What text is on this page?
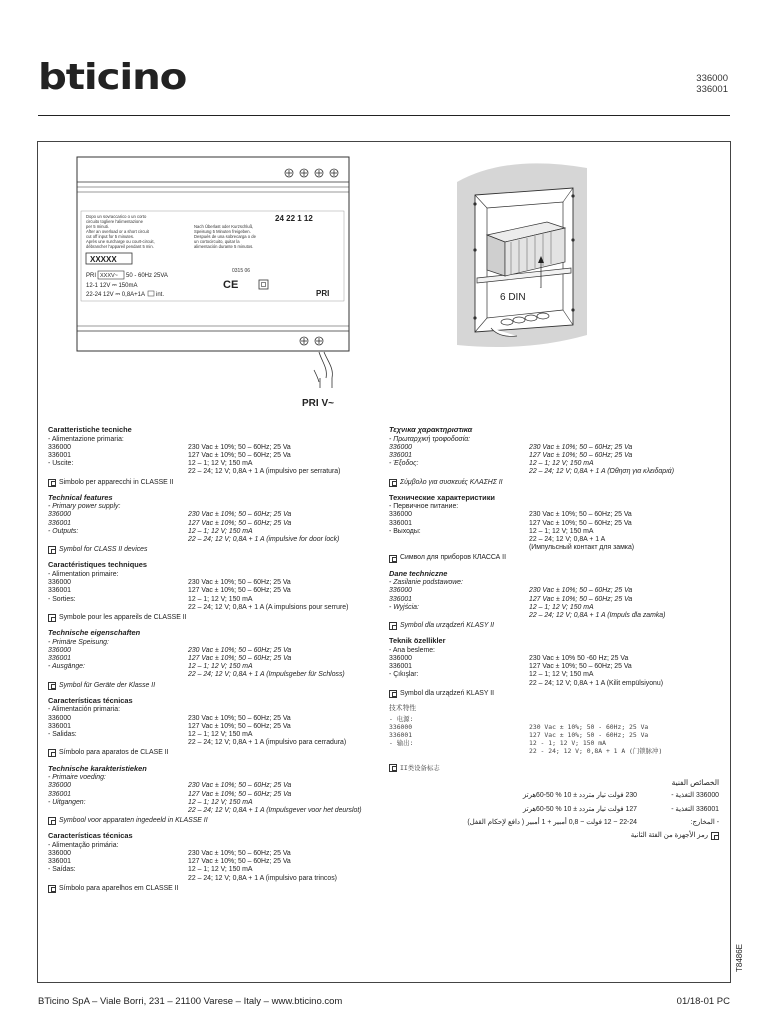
bticino	336000
336001
Dopo un sovraccarico o un corto
circuito togliere l'alimentazione
per 5 minuti.
After an overload or a short circuit
cut off input for 5 minutes.
Après une surcharge ou court-circuit,
débrancher l'appareil pendant 5 min.
Nach Überlast oder Kurzschluß,
Speisung 5 Minuten freigeben.
Después de una sobrecarga o de
un cortocircuito, quitar la
alimentación durante 5 minutos.
24 22 1 12
XXXXX
PRI XXXV~ 50 - 60Hz 25VA
12-1 12V ⎓ 150mA
22-24 12V ⎓ 0,8A+1A int.
0315 06
CE
PRI
PRI V~
6 DIN
Caratteristiche tecniche
- Alimentazione primaria:
336000	230 Vac ± 10%; 50 – 60Hz; 25 Va
336001	127 Vac ± 10%; 50 – 60Hz; 25 Va
- Uscite:	12 – 1; 12 V; 150 mA
22 – 24; 12 V; 0,8A + 1 A (impulsivo per serratura)
Simbolo per apparecchi in CLASSE II
Technical features
- Primary power supply:
336000	230 Vac ± 10%; 50 – 60Hz; 25 Va
336001	127 Vac ± 10%; 50 – 60Hz; 25 Va
- Outputs:	12 – 1; 12 V; 150 mA
22 – 24; 12 V; 0,8A + 1 A (impulsive for door lock)
Symbol for CLASS II devices
Caractéristiques techniques
- Alimentation primaire:
336000	230 Vac ± 10%; 50 – 60Hz; 25 Va
336001	127 Vac ± 10%; 50 – 60Hz; 25 Va
- Sorties:	12 – 1; 12 V; 150 mA
22 – 24; 12 V; 0,8A + 1 A (A impulsions pour serrure)
Symbole pour les appareils de CLASSE II
Technische eigenschaften
- Primäre Speisung:
336000	230 Vac ± 10%; 50 – 60Hz; 25 Va
336001	127 Vac ± 10%; 50 – 60Hz; 25 Va
- Ausgänge:	12 – 1; 12 V; 150 mA
22 – 24; 12 V; 0,8A + 1 A (Impulsgeber für Schloss)
Symbol für Geräte der Klasse II
Características técnicas
- Alimentación primaria:
336000	230 Vac ± 10%; 50 – 60Hz; 25 Va
336001	127 Vac ± 10%; 50 – 60Hz; 25 Va
- Salidas:	12 – 1; 12 V; 150 mA
22 – 24; 12 V; 0,8A + 1 A (impulsivo para cerradura)
Símbolo para aparatos de CLASE II
Technische karakteristieken
- Primaire voeding:
336000	230 Vac ± 10%; 50 – 60Hz; 25 Va
336001	127 Vac ± 10%; 50 – 60Hz; 25 Va
- Uitgangen:	12 – 1; 12 V; 150 mA
22 – 24; 12 V; 0,8A + 1 A (Impulsgever voor het deurslot)
Symbool voor apparaten ingedeeld in KLASSE II
Características técnicas
- Alimentação primária:
336000	230 Vac ± 10%; 50 – 60Hz; 25 Va
336001	127 Vac ± 10%; 50 – 60Hz; 25 Va
- Saídas:	12 – 1; 12 V; 150 mA
22 – 24; 12 V; 0,8A + 1 A (impulsivo para trincos)
Símbolo para aparelhos em CLASSE II
Τεχνικα χαρακτηριστικα
- Πρωταρχική τροφοδοσία:
336000	230 Vac ± 10%; 50 – 60Hz; 25 Va
336001	127 Vac ± 10%; 50 – 60Hz; 25 Va
- Έξοδος:	12 – 1; 12 V; 150 mA
22 – 24; 12 V; 0,8A + 1 A (Ώθηση για κλειδαριά)
Σύμβολο για συσκευές ΚΛΑΣΗΣ II
Технические характеристики
- Первичное питание:
336000	230 Vac ± 10%; 50 – 60Hz; 25 Va
336001	127 Vac ± 10%; 50 – 60Hz; 25 Va
- Выходы:	12 – 1; 12 V; 150 mA
22 – 24; 12 V; 0,8A + 1 A
(Импульсный контакт для замка)
Символ для приборов КЛАССА II
Dane techniczne
- Zasilanie podstawowe:
336000	230 Vac ± 10%; 50 – 60Hz; 25 Va
336001	127 Vac ± 10%; 50 – 60Hz; 25 Va
- Wyjścia:	12 – 1; 12 V; 150 mA
22 – 24; 12 V; 0,8A + 1 A (Impuls dla zamka)
Symbol dla urządzeń KLASY II
Teknik özellikler
- Ana besleme:
336000	230 Vac ± 10% 50 -60 Hz; 25 Va
336001	127 Vac ± 10%; 50 – 60Hz; 25 Va
- Çıkışlar:	12 – 1; 12 V; 150 mA
22 – 24; 12 V; 0,8A + 1 A (Kilit empülsiyonu)
Symbol dla urządzeń KLASY II
技术特性
- 电源:
336000	230 Vac ± 10%; 50 - 60Hz; 25 Va
336001	127 Vac ± 10%; 50 - 60Hz; 25 Va
- 输出:	12 - 1; 12 V; 150 mA
22 - 24; 12 V; 0,8A + 1 A (门锁脉冲)
II类设备标志
الخصائص الفنية
336000 التغذية -
230 فولت تيار متردد ± 10 % 50-60هرتز
336001 التغذية -
127 فولت تيار متردد ± 10 % 50-60هرتز
- المخارج:
22-24 ~ 12 فولت ~ 0,8 أمبير + 1 أمبير ( دافع لإحكام القفل)
رمز الأجهزة من الفئة الثانية
T8486E
BTicino SpA – Viale Borri, 231 – 21100 Varese – Italy – www.bticino.com	01/18-01 PC
